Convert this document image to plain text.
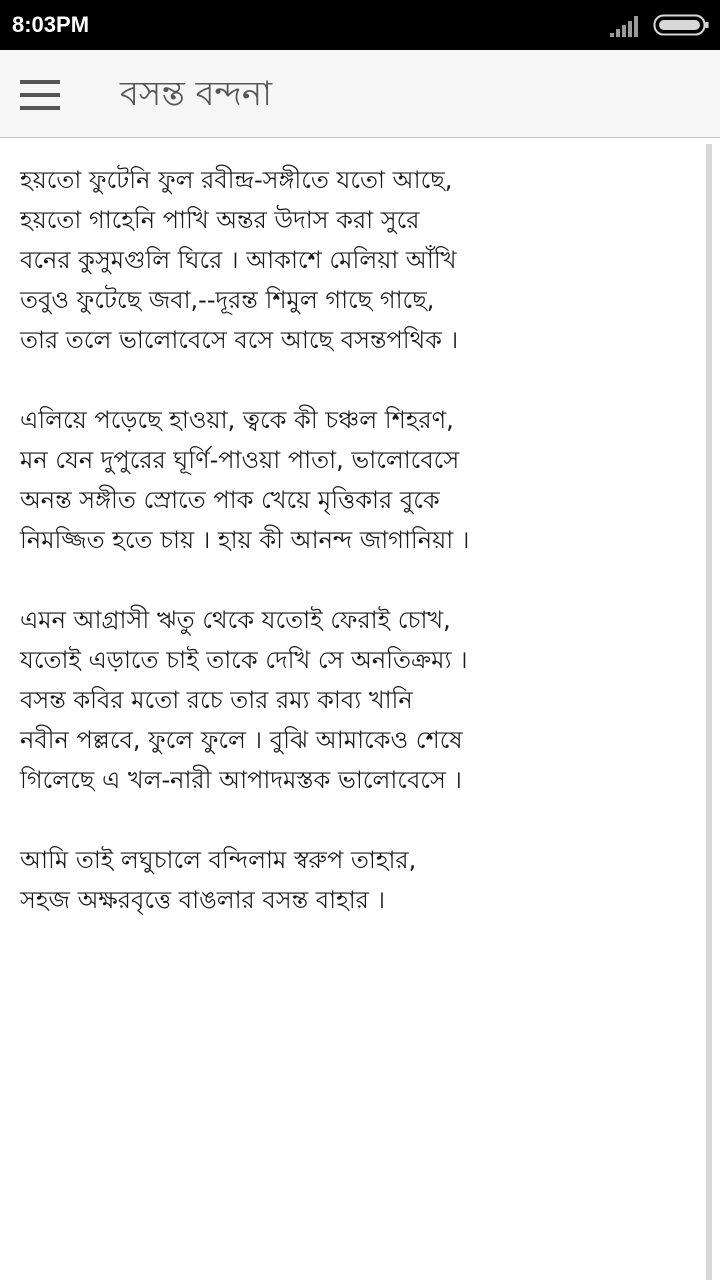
8:03PM
বসন্ত বন্দনা
হয়তো ফুটেনি ফুল রবীন্দ্র-সঙ্গীতে যতো আছে,
হয়তো গাহেনি পাখি অন্তর উদাস করা সুরে
বনের কুসুমগুলি ঘিরে । আকাশে মেলিয়া আঁখি
তবুও ফুটেছে জবা,--দূরন্ত শিমুল গাছে গাছে,
তার তলে ভালোবেসে বসে আছে বসন্তপথিক ।
এলিয়ে পড়েছে হাওয়া, ত্বকে কী চঞ্চল শিহরণ,
মন যেন দুপুরের ঘূর্ণি-পাওয়া পাতা, ভালোবেসে
অনন্ত সঙ্গীত স্রোতে পাক খেয়ে মৃত্তিকার বুকে
নিমজ্জিত হতে চায় । হায় কী আনন্দ জাগানিয়া ।
এমন আগ্রাসী ঋতু থেকে যতোই ফেরাই চোখ,
যতোই এড়াতে চাই তাকে দেখি সে অনতিক্রম্য ।
বসন্ত কবির মতো রচে তার রম্য কাব্য খানি
নবীন পল্লবে, ফুলে ফুলে । বুঝি আমাকেও শেষে
গিলেছে এ খল-নারী আপাদমস্তক ভালোবেসে ।
আমি তাই লঘুচালে বন্দিলাম স্বরুপ তাহার,
সহজ অক্ষরবৃত্তে বাঙলার বসন্ত বাহার ।
